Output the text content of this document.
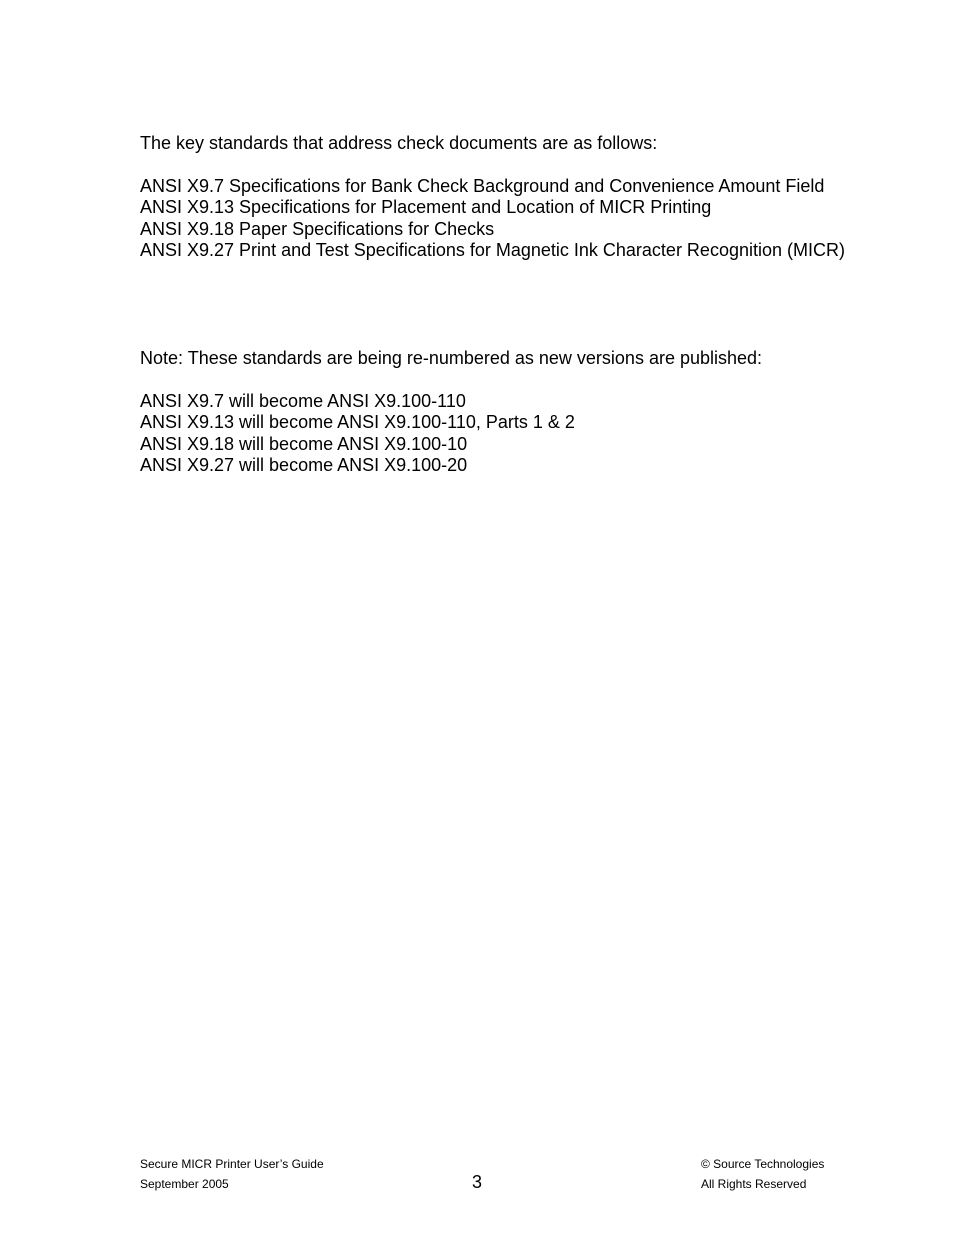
The key standards that address check documents are as follows:
ANSI X9.7 Specifications for Bank Check Background and Convenience Amount Field
ANSI X9.13 Specifications for Placement and Location of MICR Printing
ANSI X9.18 Paper Specifications for Checks
ANSI X9.27 Print and Test Specifications for Magnetic Ink Character Recognition (MICR)
Note: These standards are being re-numbered as new versions are published:
ANSI X9.7 will become ANSI X9.100-110
ANSI X9.13 will become ANSI X9.100-110, Parts 1 & 2
ANSI X9.18 will become ANSI X9.100-10
ANSI X9.27 will become ANSI X9.100-20
Secure MICR Printer User’s Guide
September 2005	3
© Source Technologies
All Rights Reserved
